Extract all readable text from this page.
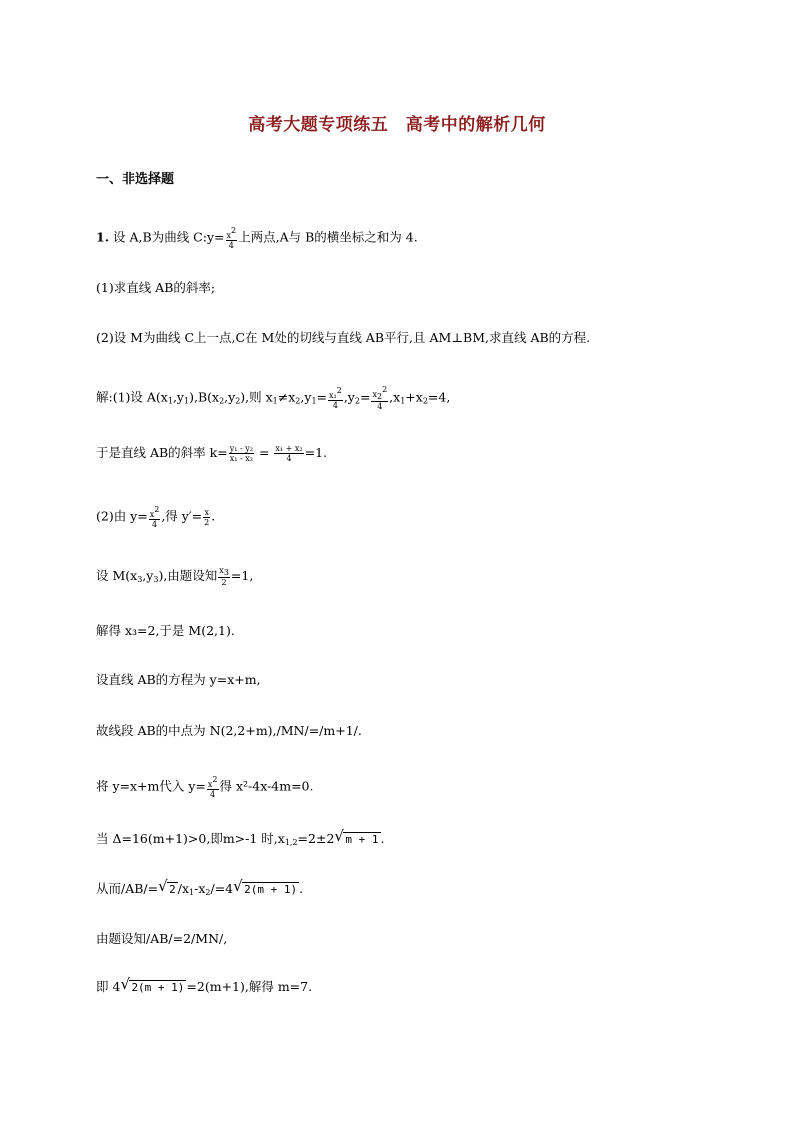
高考大题专项练五　高考中的解析几何
一、非选择题
1. 设 A,B为曲线 C:y= $\frac{x^2}{4}$ 上两点,A与 B的横坐标之和为 4.
(1)求直线 AB的斜率;
(2)设 M为曲线 C上一点,C在 M处的切线与直线 AB平行,且 AM⊥BM,求直线 AB的方程.
解:(1)设 $A(x_1,y_1),B(x_2,y_2)$,则 $x_1\ne x_2,y_1= \frac{x_1^2}{4} ,y_2= \frac{x_2^2}{4} ,x_1+x_2=4$,
于是直线 AB的斜率 $k= \frac{\text{y₁ - y₂}}{\text{x₁ - x₂}} = \frac{\text{x₁ + x₂}}{4} =1$.
(2)由 $y= \frac{x^2}{4}$ ,得 $y'= \frac{x}{2}$ .
设 $M(x_3,y_3)$,由题设知 $\frac{x_3}{2} =1$,
解得 x₃=2,于是 M(2,1).
设直线 AB的方程为 y=x+m,
故线段 AB的中点为 N(2,2+m),/MN/=/m+1/.
将 y=x+m代入 $y= \frac{x^2}{4}$ 得 x²-4x-4m=0.
当 Δ=16(m+1)>0,即m>-1 时$,x_{1,2}=2\pm 2√$ m + 1 .
从而/AB/=√ 2 $/x_1-x_2/=4√$ 2(m + 1) .
由题设知/AB/=2/MN/,
即 4√ 2(m + 1) =2(m+1),解得 m=7.
